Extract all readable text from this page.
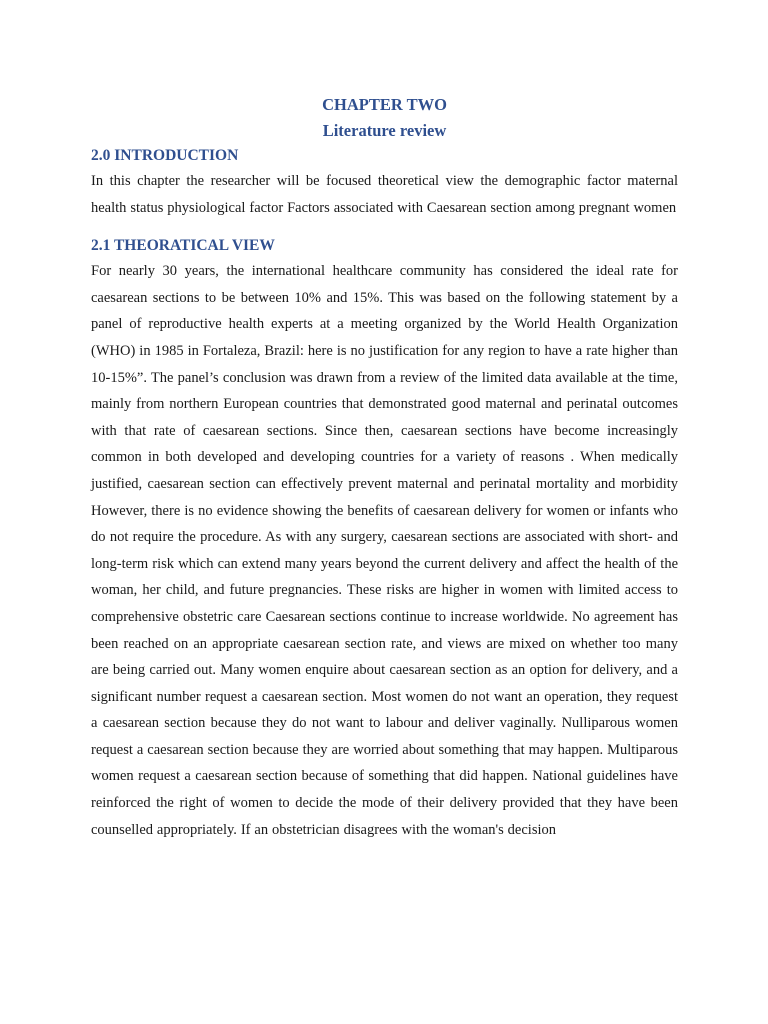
CHAPTER TWO
Literature review
2.0 INTRODUCTION

In this chapter the researcher will be focused theoretical view the demographic factor maternal health status physiological factor Factors associated with Caesarean section among pregnant women

2.1 THEORATICAL VIEW

For nearly 30 years, the international healthcare community has considered the ideal rate for caesarean sections to be between 10% and 15%. This was based on the following statement by a panel of reproductive health experts at a meeting organized by the World Health Organization (WHO) in 1985 in Fortaleza, Brazil: here is no justification for any region to have a rate higher than 10-15%”. The panel’s conclusion was drawn from a review of the limited data available at the time, mainly from northern European countries that demonstrated good maternal and perinatal outcomes with that rate of caesarean sections. Since then, caesarean sections have become increasingly common in both developed and developing countries for a variety of reasons . When medically justified, caesarean section can effectively prevent maternal and perinatal mortality and morbidity However, there is no evidence showing the benefits of caesarean delivery for women or infants who do not require the procedure. As with any surgery, caesarean sections are associated with short- and long-term risk which can extend many years beyond the current delivery and affect the health of the woman, her child, and future pregnancies. These risks are higher in women with limited access to comprehensive obstetric care Caesarean sections continue to increase worldwide. No agreement has been reached on an appropriate caesarean section rate, and views are mixed on whether too many are being carried out. Many women enquire about caesarean section as an option for delivery, and a significant number request a caesarean section. Most women do not want an operation, they request a caesarean section because they do not want to labour and deliver vaginally. Nulliparous women request a caesarean section because they are worried about something that may happen. Multiparous women request a caesarean section because of something that did happen. National guidelines have reinforced the right of women to decide the mode of their delivery provided that they have been counselled appropriately. If an obstetrician disagrees with the woman's decision
